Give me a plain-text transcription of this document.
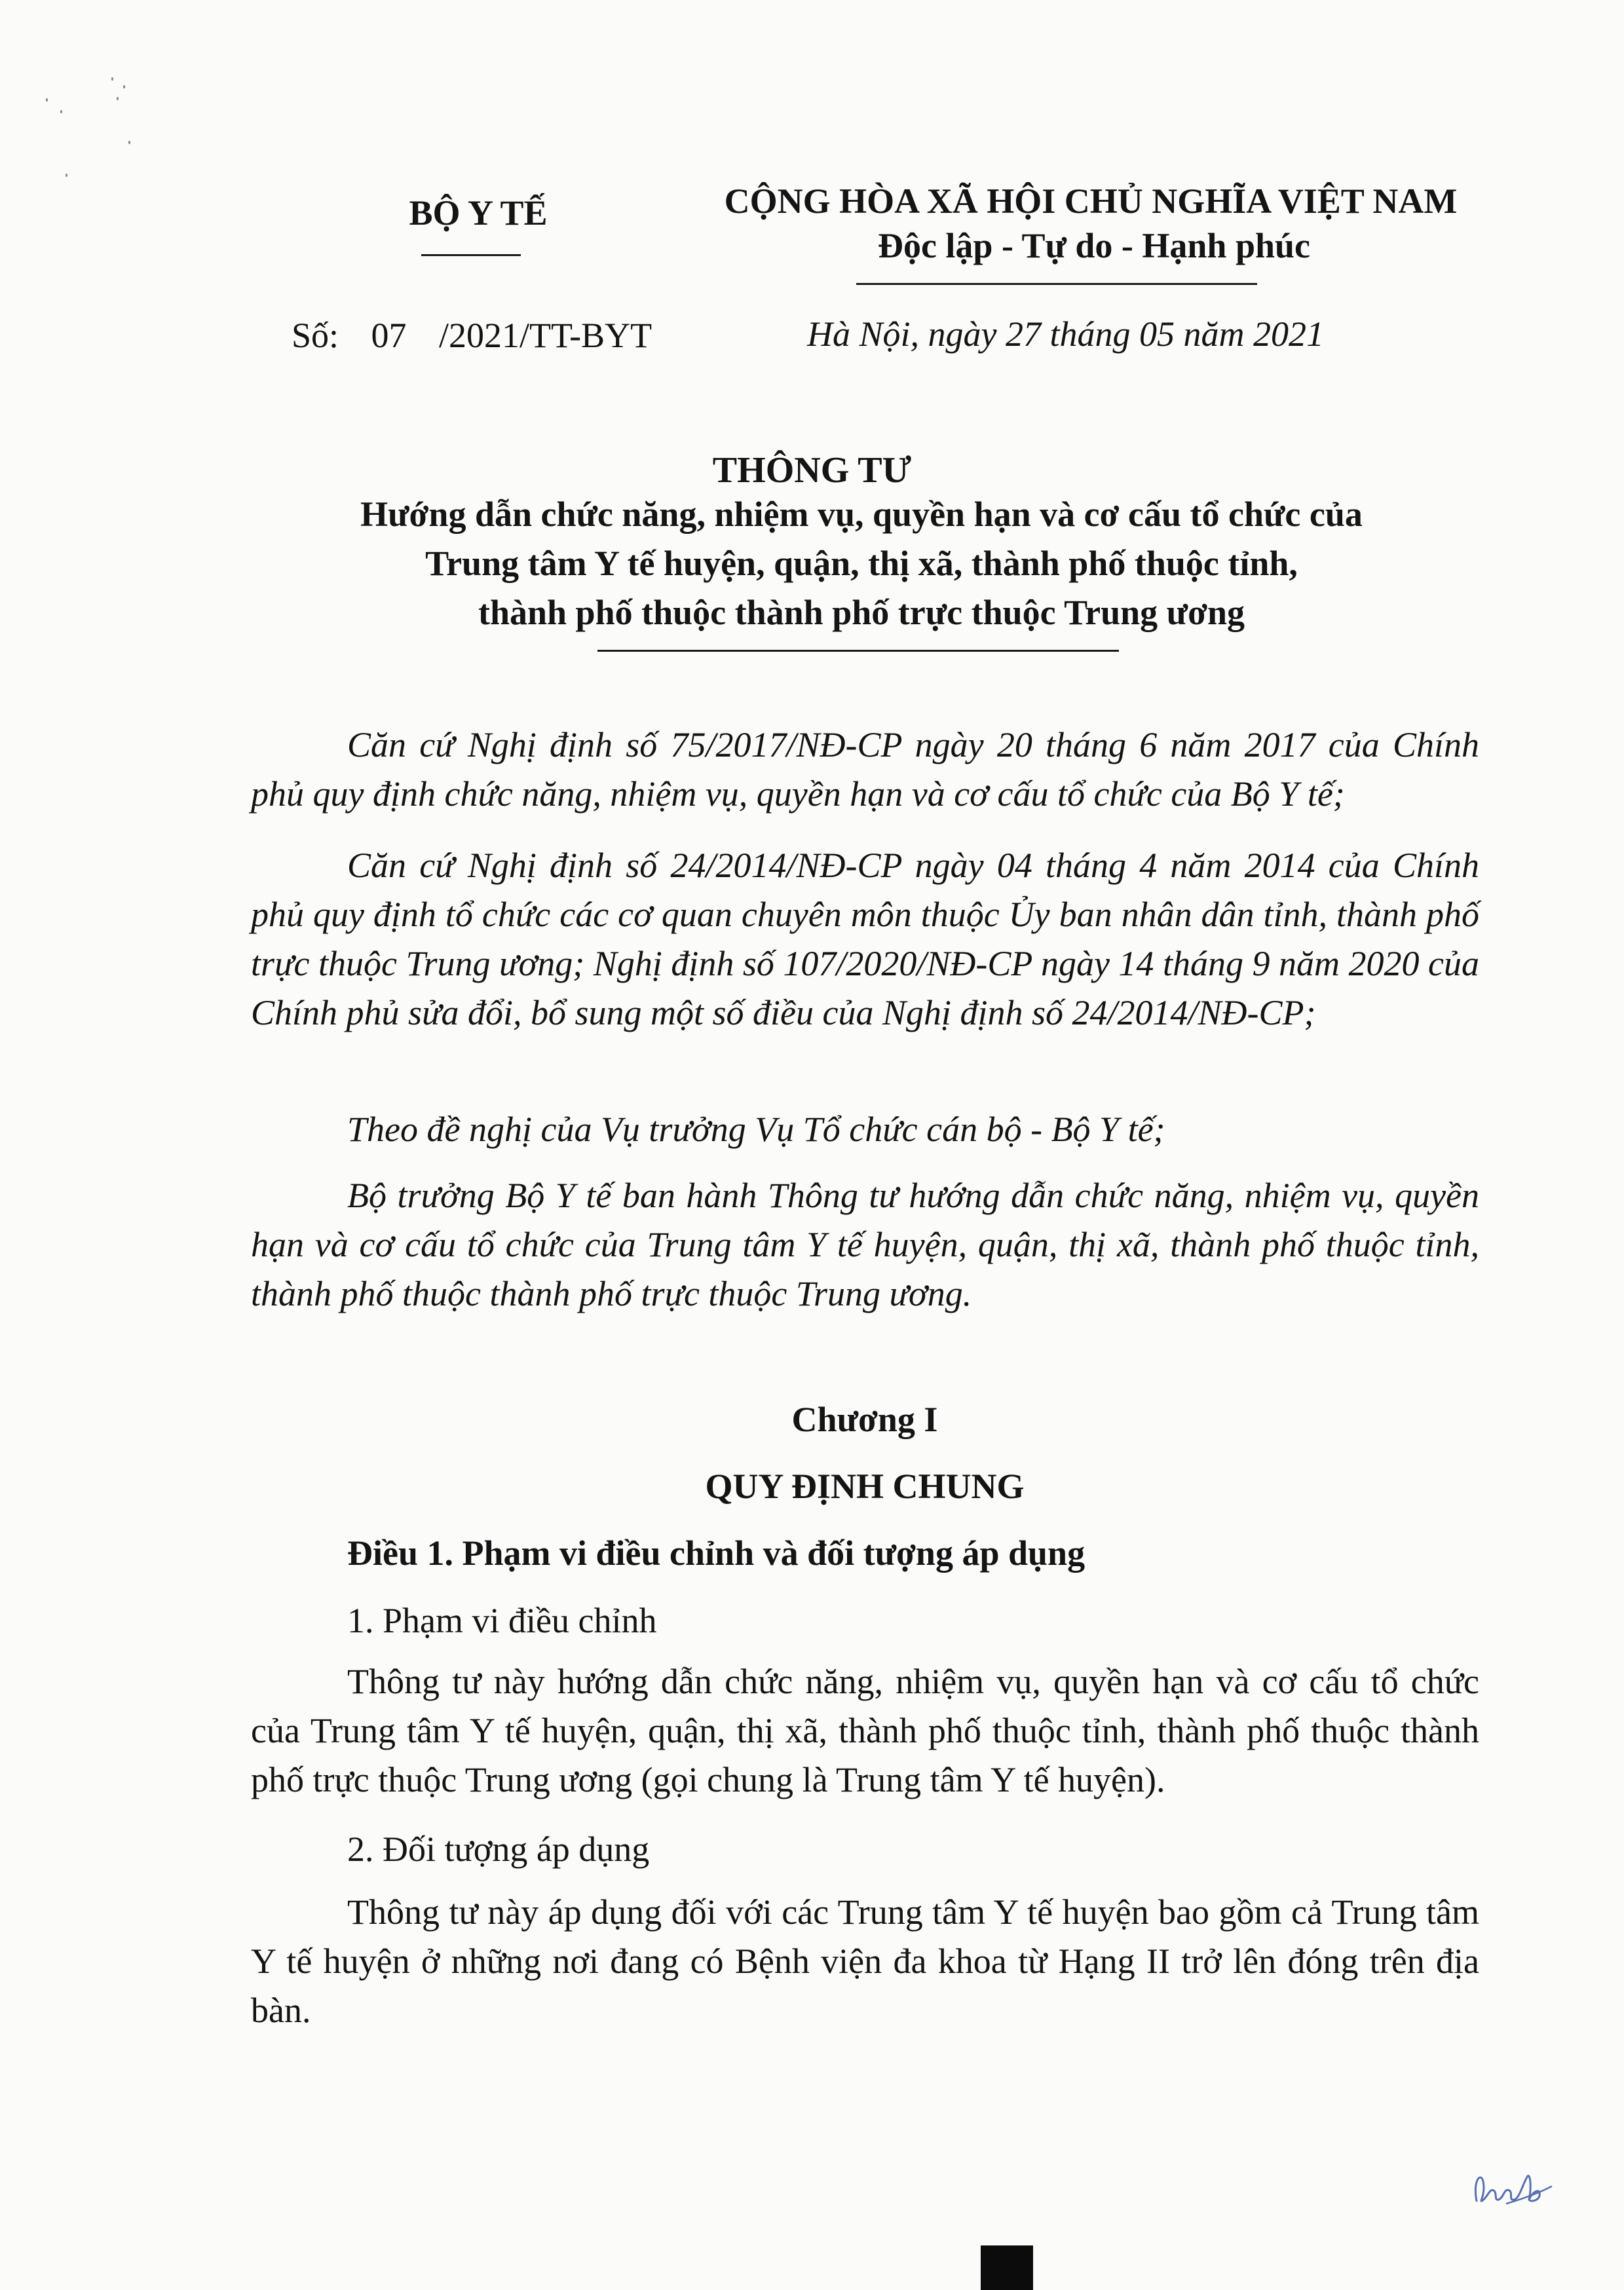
BỘ Y TẾ	CỘNG HÒA XÃ HỘI CHỦ NGHĨA VIỆT NAM
Độc lập - Tự do - Hạnh phúc
Số: 07 /2021/TT-BYT	Hà Nội, ngày 27 tháng 05 năm 2021
THÔNG TƯ
Hướng dẫn chức năng, nhiệm vụ, quyền hạn và cơ cấu tổ chức của
Trung tâm Y tế huyện, quận, thị xã, thành phố thuộc tỉnh,
thành phố thuộc thành phố trực thuộc Trung ương
Căn cứ Nghị định số 75/2017/NĐ-CP ngày 20 tháng 6 năm 2017 của Chính phủ quy định chức năng, nhiệm vụ, quyền hạn và cơ cấu tổ chức của Bộ Y tế;
Căn cứ Nghị định số 24/2014/NĐ-CP ngày 04 tháng 4 năm 2014 của Chính phủ quy định tổ chức các cơ quan chuyên môn thuộc Ủy ban nhân dân tỉnh, thành phố trực thuộc Trung ương; Nghị định số 107/2020/NĐ-CP ngày 14 tháng 9 năm 2020 của Chính phủ sửa đổi, bổ sung một số điều của Nghị định số 24/2014/NĐ-CP;
Theo đề nghị của Vụ trưởng Vụ Tổ chức cán bộ - Bộ Y tế;
Bộ trưởng Bộ Y tế ban hành Thông tư hướng dẫn chức năng, nhiệm vụ, quyền hạn và cơ cấu tổ chức của Trung tâm Y tế huyện, quận, thị xã, thành phố thuộc tỉnh, thành phố thuộc thành phố trực thuộc Trung ương.
Chương I
QUY ĐỊNH CHUNG
Điều 1. Phạm vi điều chỉnh và đối tượng áp dụng
1. Phạm vi điều chỉnh
Thông tư này hướng dẫn chức năng, nhiệm vụ, quyền hạn và cơ cấu tổ chức của Trung tâm Y tế huyện, quận, thị xã, thành phố thuộc tỉnh, thành phố thuộc thành phố trực thuộc Trung ương (gọi chung là Trung tâm Y tế huyện).
2. Đối tượng áp dụng
Thông tư này áp dụng đối với các Trung tâm Y tế huyện bao gồm cả Trung tâm Y tế huyện ở những nơi đang có Bệnh viện đa khoa từ Hạng II trở lên đóng trên địa bàn.
